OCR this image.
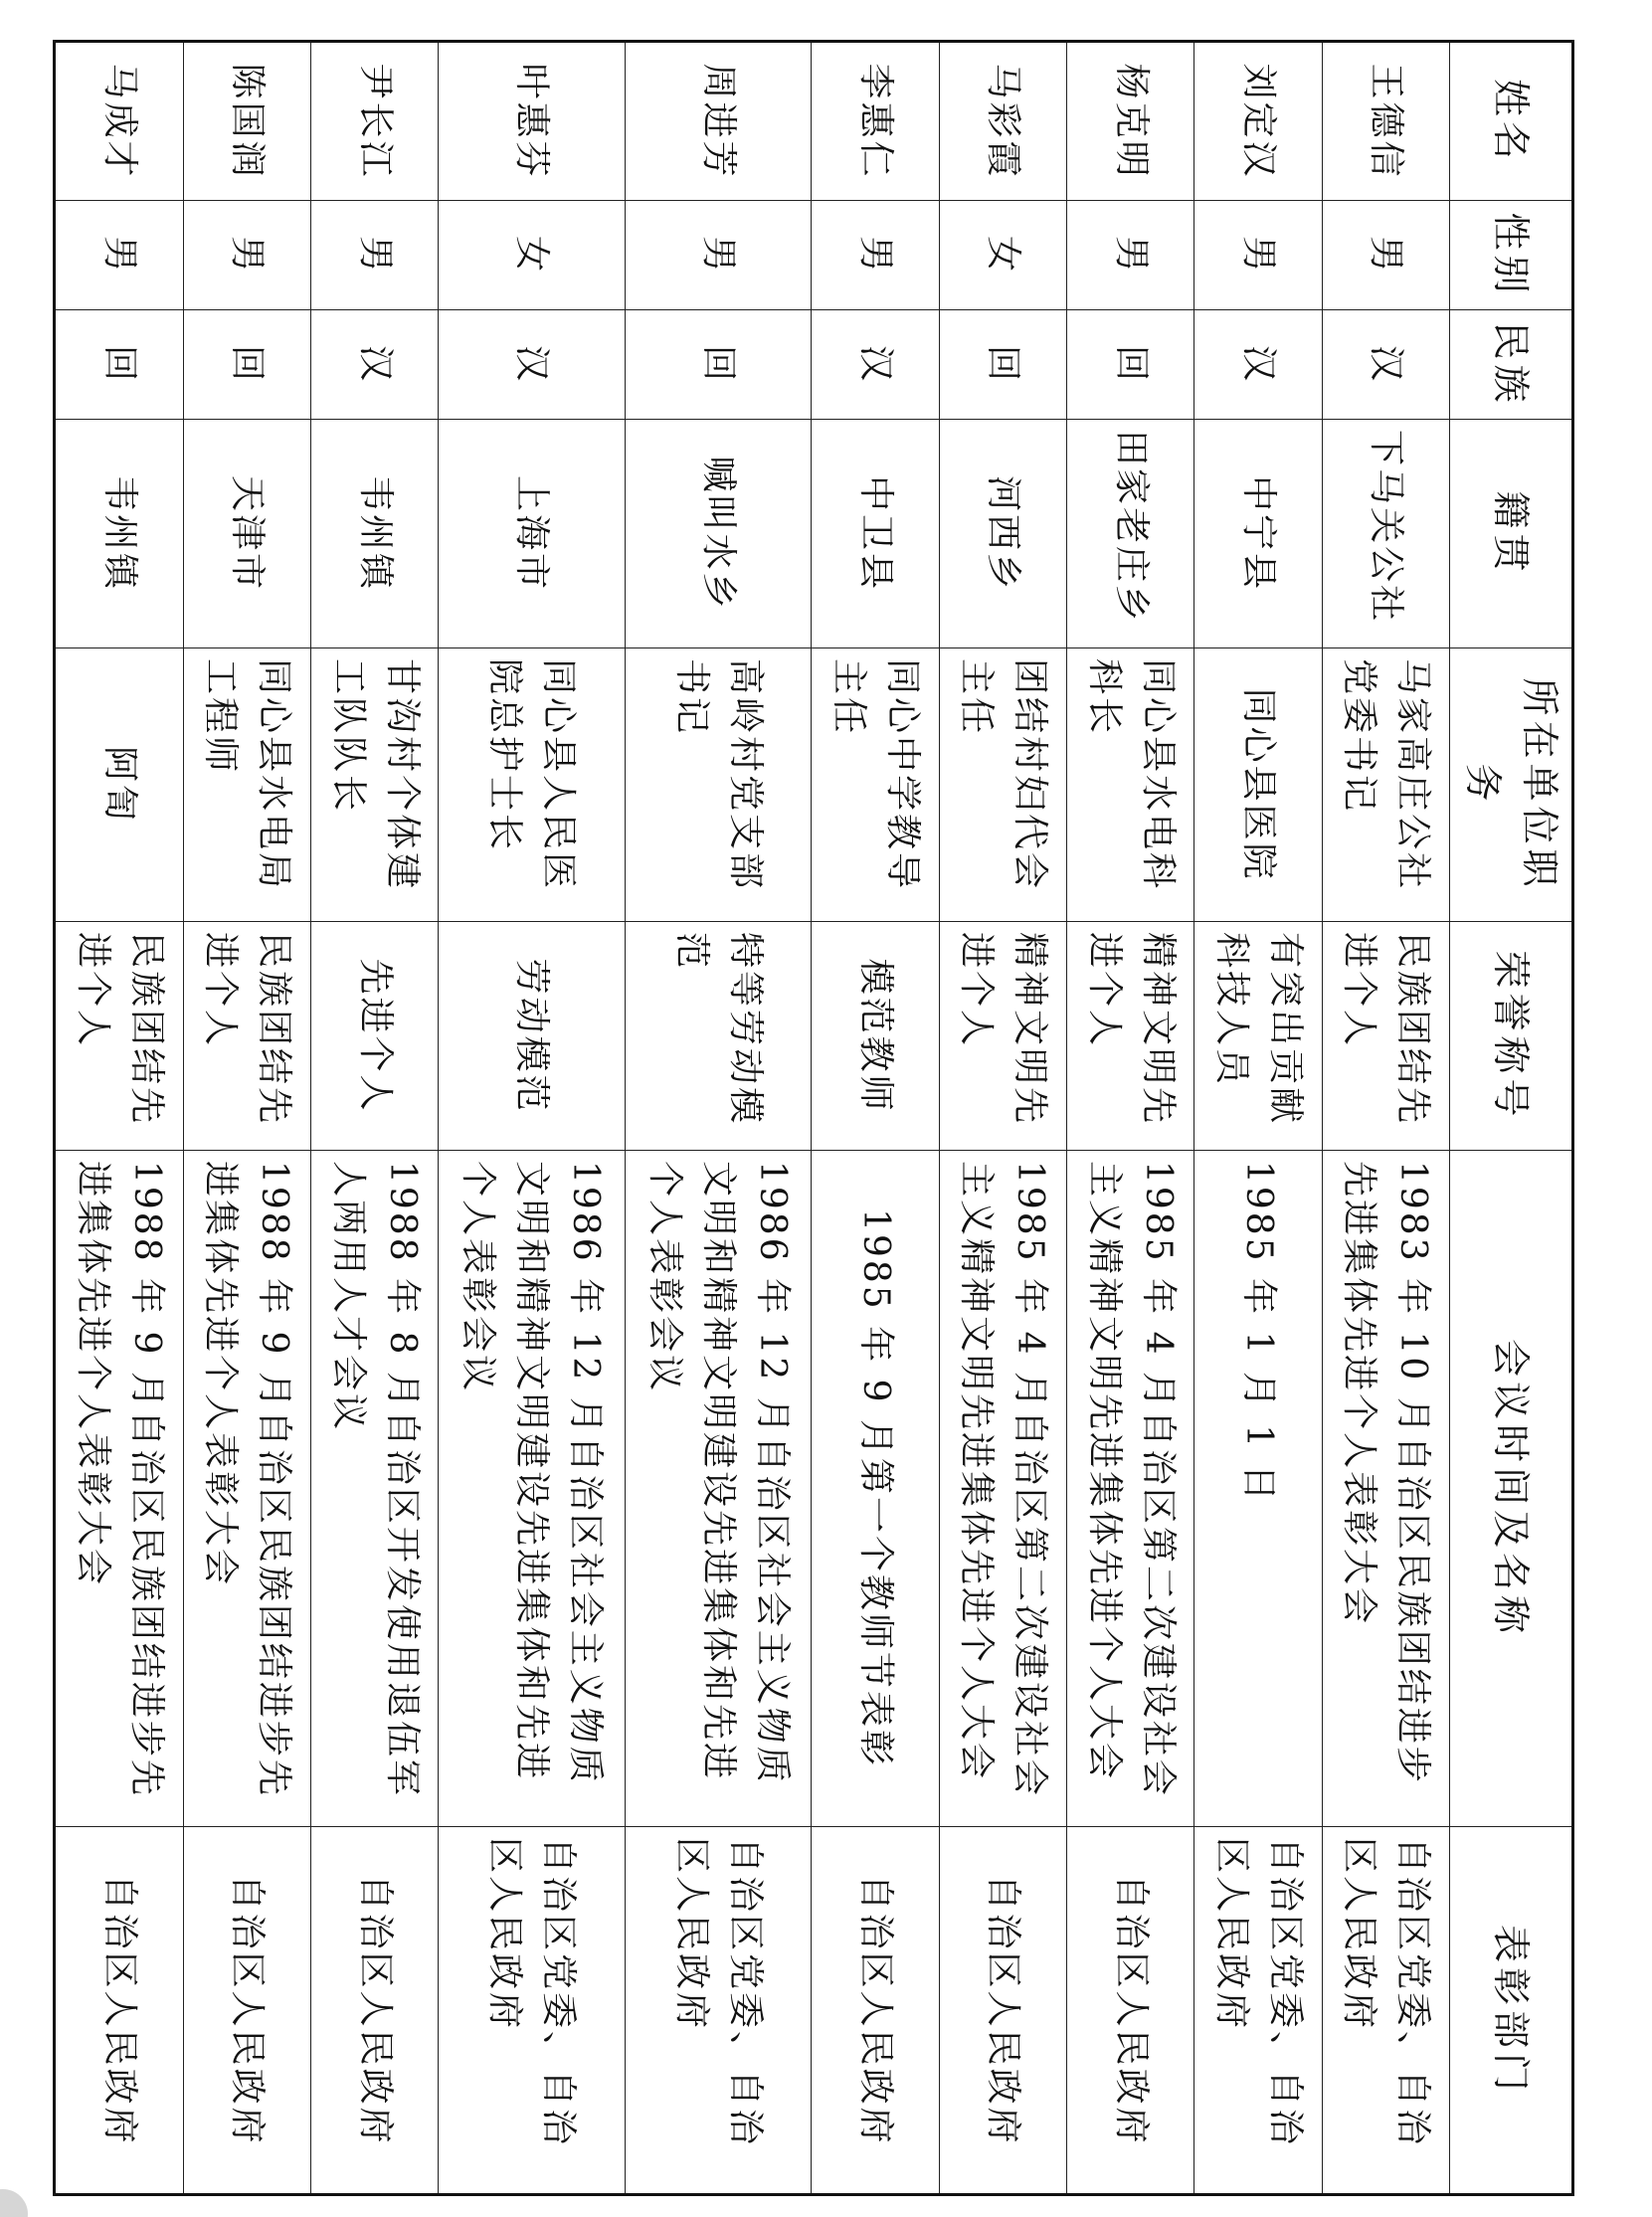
姓名	性别	民族	籍贯	所在单位职务	荣誉称号	会议时间及名称	表彰部门
王德信	男	汉	下马关公社	马家高庄公社党委书记	民族团结先进个人	1983 年 10 月自治区民族团结进步先进集体先进个人表彰大会	自治区党委、自治区人民政府
刘定汉	男	汉	中宁县	同心县医院	有突出贡献科技人员	1985 年 1 月 1 日	自治区党委、自治区人民政府
杨克明	男	回	田家老庄乡	同心县水电科科长	精神文明先进个人	1985 年 4 月自治区第二次建设社会主义精神文明先进集体先进个人大会	自治区人民政府
马彩霞	女	回	河西乡	团结村妇代会主任	精神文明先进个人	1985 年 4 月自治区第二次建设社会主义精神文明先进集体先进个人大会	自治区人民政府
李惠仁	男	汉	中卫县	同心中学教导主任	模范教师	1985 年 9 月第一个教师节表彰	自治区人民政府
周进芳	男	回	喊叫水乡	高岭村党支部书记	特等劳动模范	1986 年 12 月自治区社会主义物质文明和精神文明建设先进集体和先进个人表彰会议	自治区党委、自治区人民政府
叶惠芬	女	汉	上海市	同心县人民医院总护士长	劳动模范	1986 年 12 月自治区社会主义物质文明和精神文明建设先进集体和先进个人表彰会议	自治区党委、自治区人民政府
尹长江	男	汉	韦州镇	甘沟村个体建工队队长	先进个人	1988 年 8 月自治区开发使用退伍军人两用人才会议	自治区人民政府
陈国润	男	回	天津市	同心县水电局工程师	民族团结先进个人	1988 年 9 月自治区民族团结进步先进集体先进个人表彰大会	自治区人民政府
马成才	男	回	韦州镇	阿訇	民族团结先进个人	1988 年 9 月自治区民族团结进步先进集体先进个人表彰大会	自治区人民政府
